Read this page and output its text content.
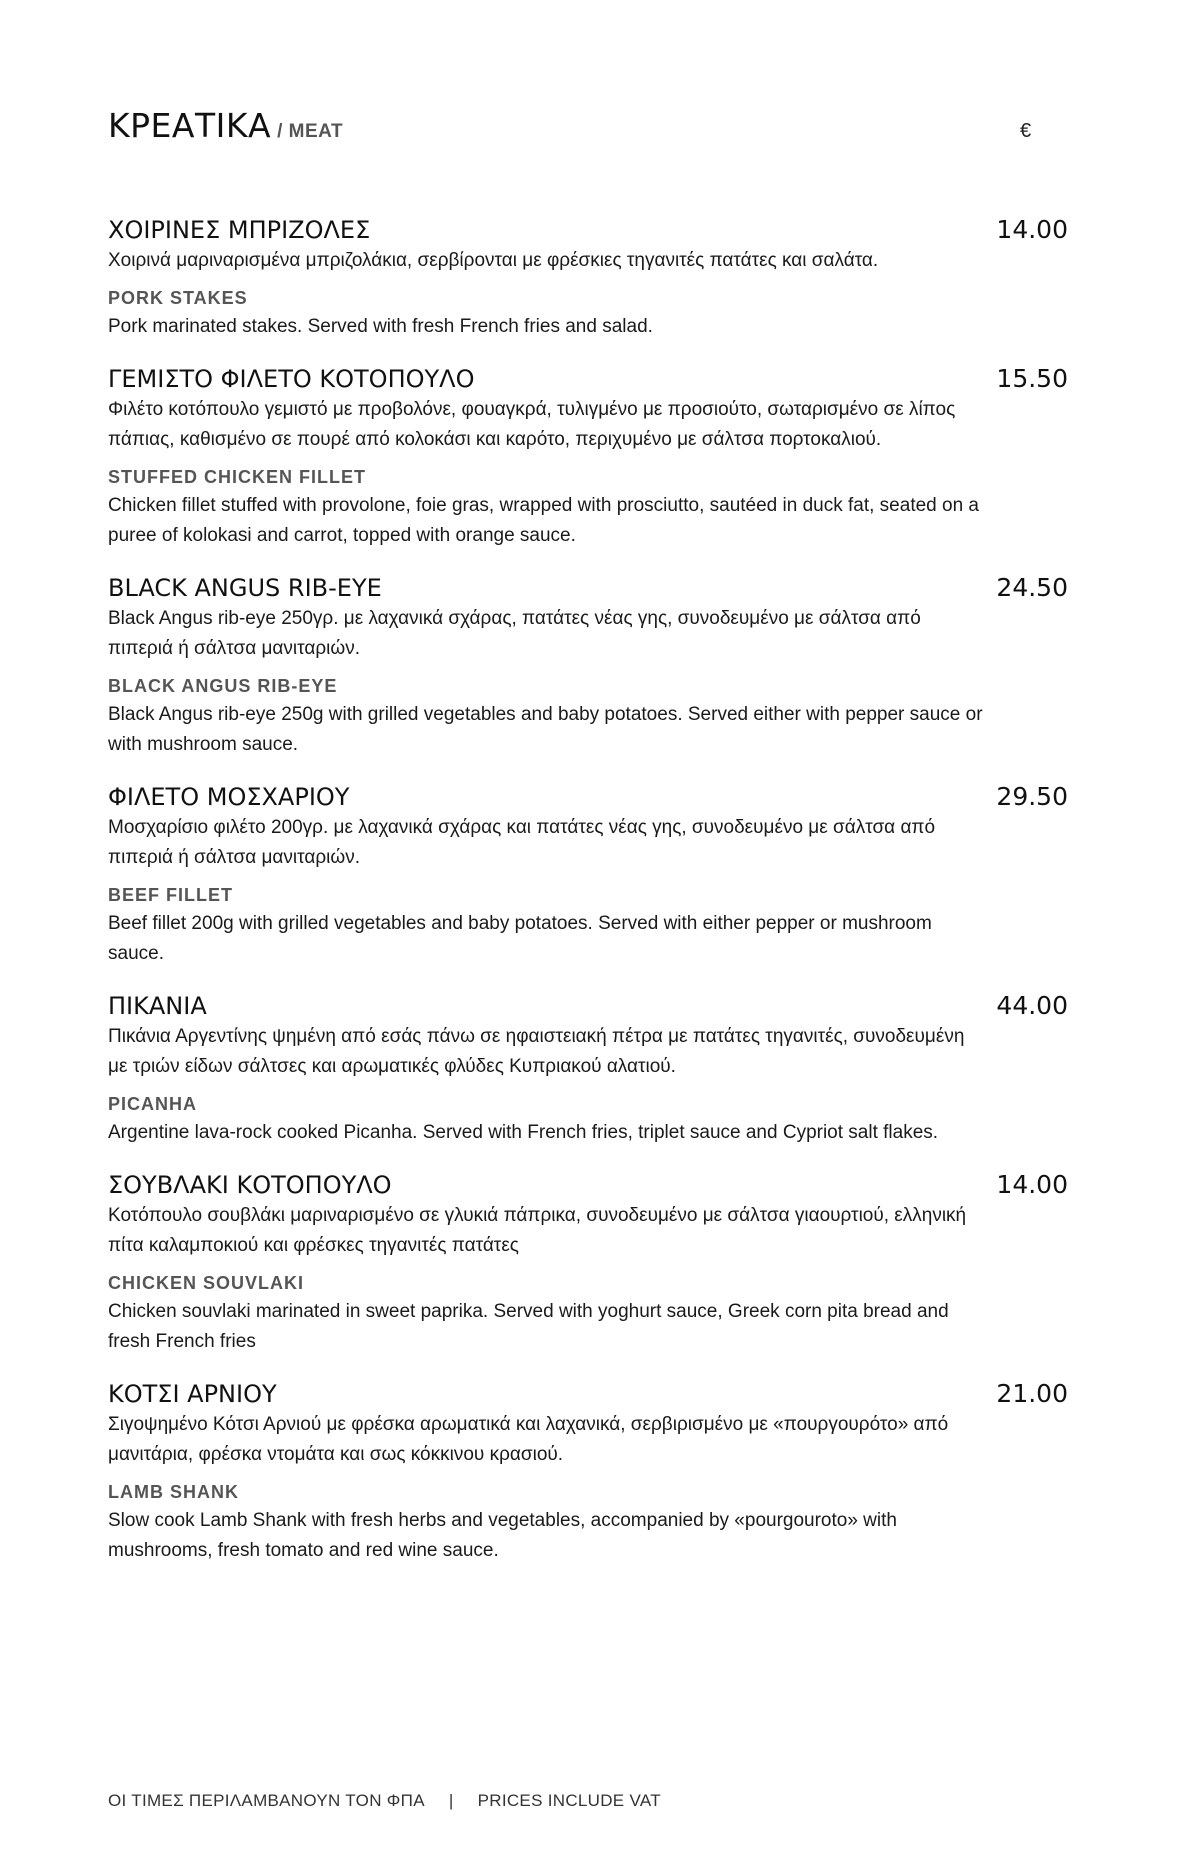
ΚΡΕΑΤΙΚΑ / MEAT	€
ΧΟΙΡΙΝΕΣ ΜΠΡΙΖΟΛΕΣ	14.00
Χοιρινά μαριναρισμένα μπριζολάκια, σερβίρονται με φρέσκιες τηγανιτές πατάτες και σαλάτα.
PORK STAKES
Pork marinated stakes. Served with fresh French fries and salad.
ΓΕΜΙΣΤΟ ΦΙΛΕΤΟ ΚΟΤΟΠΟΥΛΟ	15.50
Φιλέτο κοτόπουλο γεμιστό με προβολόνε, φουαγκρά, τυλιγμένο με προσιούτο, σωταρισμένο σε λίπος πάπιας, καθισμένο σε πουρέ από κολοκάσι και καρότο, περιχυμένο με σάλτσα πορτοκαλιού.
STUFFED CHICKEN FILLET
Chicken fillet stuffed with provolone, foie gras, wrapped with prosciutto, sautéed in duck fat, seated on a puree of kolokasi and carrot, topped with orange sauce.
BLACK ANGUS RIB-EYE	24.50
Black Angus rib-eye 250γρ. με λαχανικά σχάρας, πατάτες νέας γης, συνοδευμένο με σάλτσα από πιπεριά ή σάλτσα μανιταριών.
BLACK ANGUS RIB-EYE
Black Angus rib-eye 250g with grilled vegetables and baby potatoes. Served either with pepper sauce or with mushroom sauce.
ΦΙΛΕΤΟ ΜΟΣΧΑΡΙΟΥ	29.50
Μοσχαρίσιο φιλέτο 200γρ. με λαχανικά σχάρας και πατάτες νέας γης, συνοδευμένο με σάλτσα από πιπεριά ή σάλτσα μανιταριών.
BEEF FILLET
Beef fillet 200g with grilled vegetables and baby potatoes. Served with either pepper or mushroom sauce.
ΠΙΚΑΝΙΑ	44.00
Πικάνια Αργεντίνης ψημένη από εσάς πάνω σε ηφαιστειακή πέτρα με πατάτες τηγανιτές, συνοδευμένη με τριών είδων σάλτσες και αρωματικές φλύδες Κυπριακού αλατιού.
PICANHA
Argentine lava-rock cooked Picanha. Served with French fries, triplet sauce and Cypriot salt flakes.
ΣΟΥΒΛΑΚΙ ΚΟΤΟΠΟΥΛΟ	14.00
Κοτόπουλο σουβλάκι μαριναρισμένο σε γλυκιά πάπρικα, συνοδευμένο με σάλτσα γιαουρτιού, ελληνική πίτα καλαμποκιού και φρέσκες τηγανιτές πατάτες
CHICKEN SOUVLAKI
Chicken souvlaki marinated in sweet paprika. Served with yoghurt sauce, Greek corn pita bread and fresh French fries
ΚΟΤΣΙ ΑΡΝΙΟΥ	21.00
Σιγοψημένο Κότσι Αρνιού με φρέσκα αρωματικά και λαχανικά, σερβιρισμένο με «πουργουρότο» από μανιτάρια, φρέσκα ντομάτα και σως κόκκινου κρασιού.
LAMB SHANK
Slow cook Lamb Shank with fresh herbs and vegetables, accompanied by «pourgouroto» with mushrooms, fresh tomato and red wine sauce.
ΟΙ ΤΙΜΕΣ ΠΕΡΙΛΑΜΒΑΝΟΥΝ ΤΟΝ ΦΠΑ | PRICES INCLUDE VAT
